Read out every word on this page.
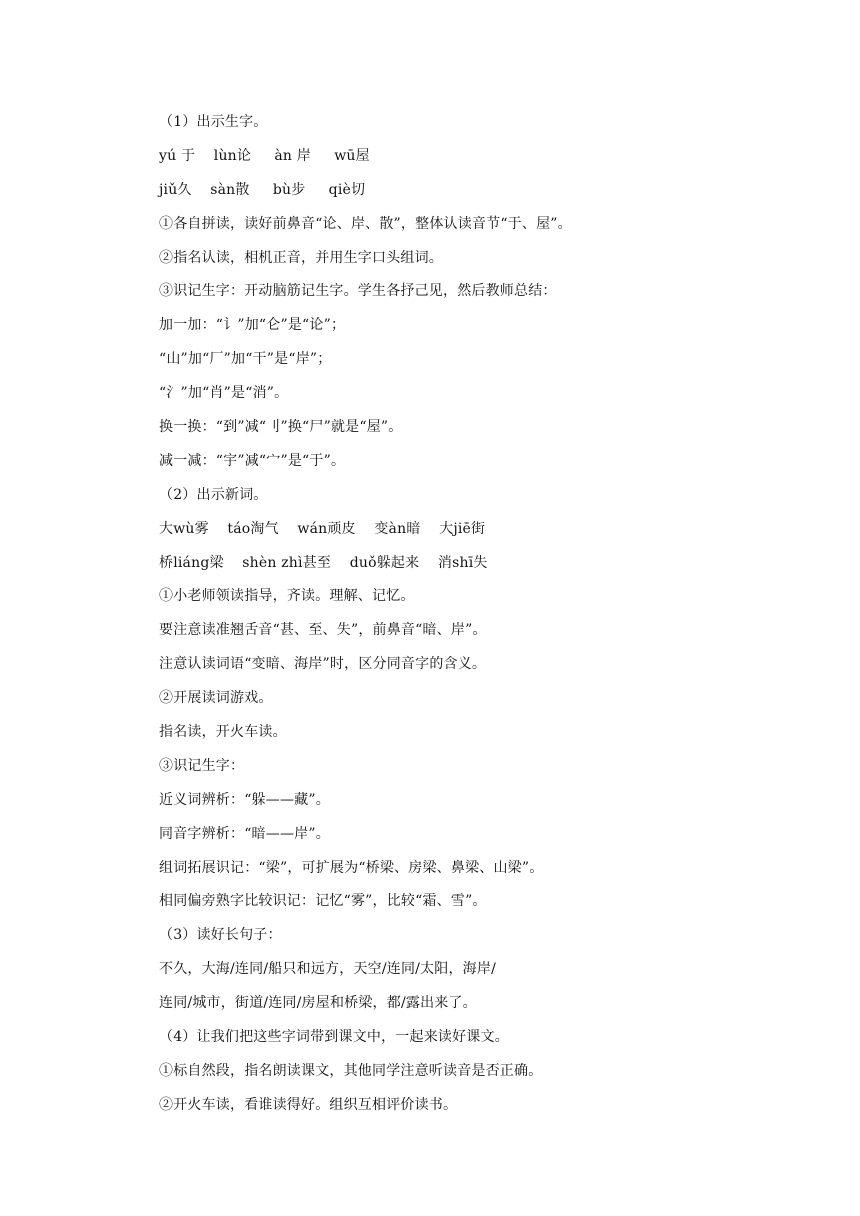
（1）出示生字。
yú 于    lùn论     àn 岸     wū屋
jiǔ久    sàn散     bù步     qiè切
①各自拼读，读好前鼻音“论、岸、散”，整体认读音节“于、屋”。
②指名认读，相机正音，并用生字口头组词。
③识记生字：开动脑筋记生字。学生各抒己见，然后教师总结：
加一加：“讠”加“仑”是“论”；
“山”加“厂”加“干”是“岸”；
“氵”加“肖”是“消”。
换一换：“到”减“刂”换“尸”就是“屋”。
减一减：“宇”减“宀”是“于”。
（2）出示新词。
大wù雾    táo淘气    wán顽皮    变àn暗    大jiē街
桥liáng梁    shèn zhì甚至    duǒ躲起来    消shī失
①小老师领读指导，齐读。理解、记忆。
要注意读准翘舌音“甚、至、失”，前鼻音“暗、岸”。
注意认读词语“变暗、海岸”时，区分同音字的含义。
②开展读词游戏。
指名读，开火车读。
③识记生字：
近义词辨析：“躲——藏”。
同音字辨析：“暗——岸”。
组词拓展识记：“梁”，可扩展为“桥梁、房梁、鼻梁、山梁”。
相同偏旁熟字比较识记：记忆“雾”，比较“霜、雪”。
（3）读好长句子：
不久，大海/连同/船只和远方，天空/连同/太阳，海岸/
连同/城市，街道/连同/房屋和桥梁，都/露出来了。
（4）让我们把这些字词带到课文中，一起来读好课文。
①标自然段，指名朗读课文，其他同学注意听读音是否正确。
②开火车读，看谁读得好。组织互相评价读书。
